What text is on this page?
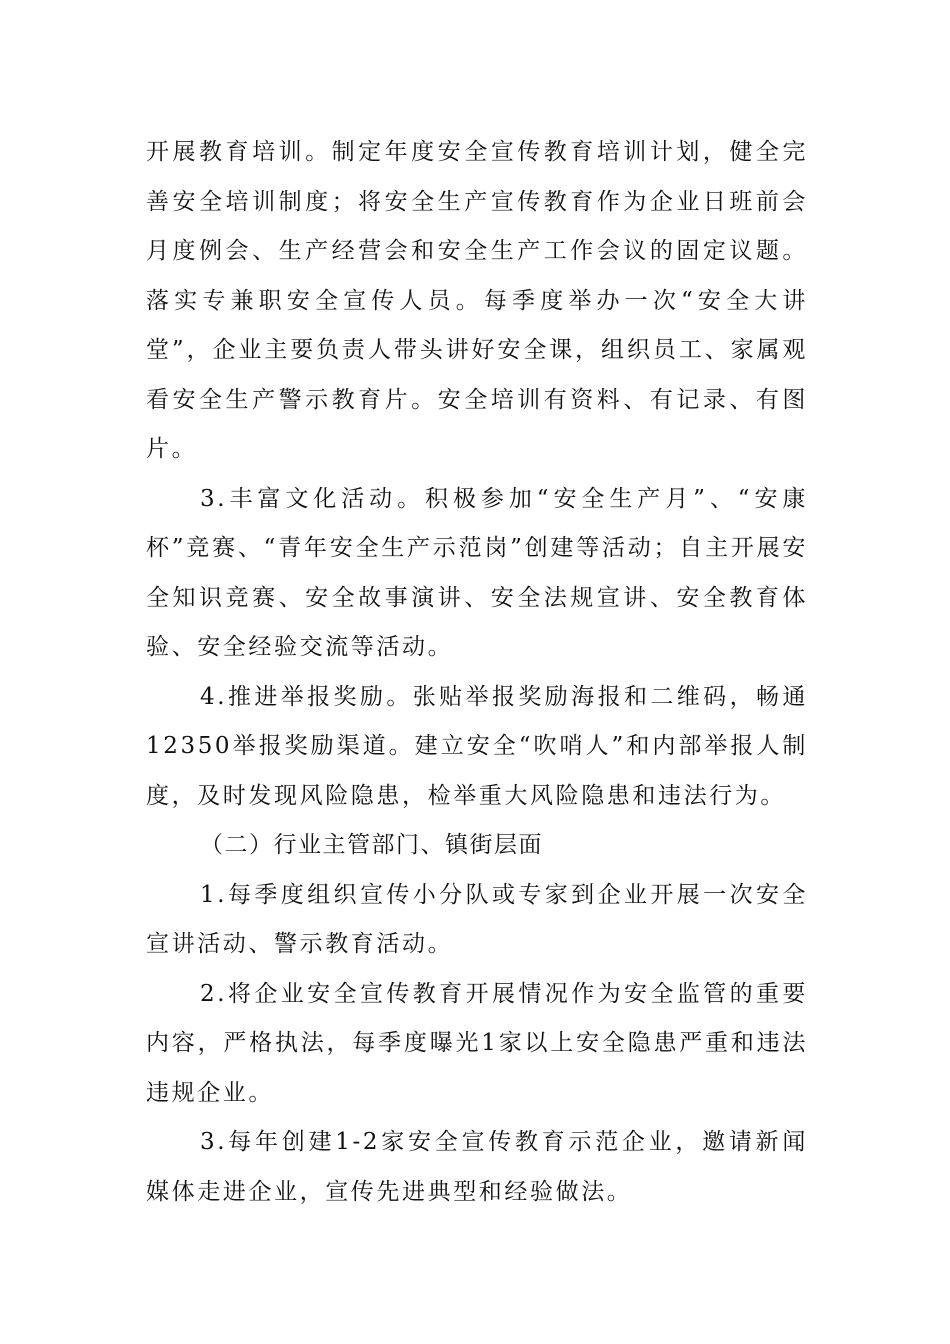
开展教育培训。制定年度安全宣传教育培训计划，健全完善安全培训制度；将安全生产宣传教育作为企业日班前会月度例会、生产经营会和安全生产工作会议的固定议题。落实专兼职安全宣传人员。每季度举办一次“安全大讲堂”，企业主要负责人带头讲好安全课，组织员工、家属观看安全生产警示教育片。安全培训有资料、有记录、有图片。

3.丰富文化活动。积极参加“安全生产月”、“安康杯”竞赛、“青年安全生产示范岗”创建等活动；自主开展安全知识竞赛、安全故事演讲、安全法规宣讲、安全教育体验、安全经验交流等活动。

4.推进举报奖励。张贴举报奖励海报和二维码，畅通12350举报奖励渠道。建立安全“吹哨人”和内部举报人制度，及时发现风险隐患，检举重大风险隐患和违法行为。

（二）行业主管部门、镇街层面

1.每季度组织宣传小分队或专家到企业开展一次安全宣讲活动、警示教育活动。

2.将企业安全宣传教育开展情况作为安全监管的重要内容，严格执法，每季度曝光1家以上安全隐患严重和违法违规企业。

3.每年创建1-2家安全宣传教育示范企业，邀请新闻媒体走进企业，宣传先进典型和经验做法。
